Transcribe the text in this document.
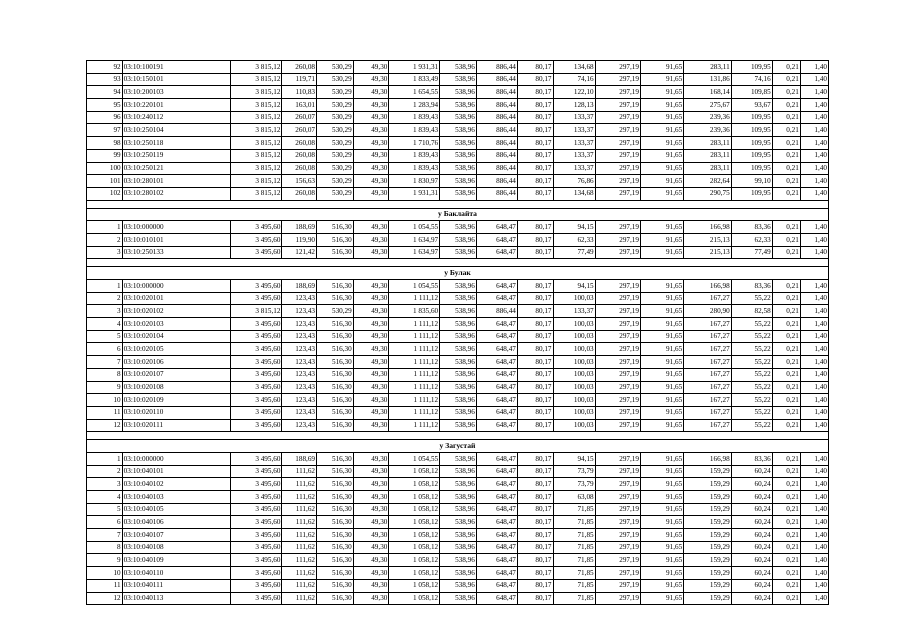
92	03:10:100191	3 815,12	260,08	530,29	49,30	1 931,31	538,96	886,44	80,17	134,68	297,19	91,65	283,11	109,95	0,21	1,40
93	03:10:150101	3 815,12	119,71	530,29	49,30	1 833,49	538,96	886,44	80,17	74,16	297,19	91,65	131,86	74,16	0,21	1,40
94	03:10:200103	3 815,12	110,83	530,29	49,30	1 654,55	538,96	886,44	80,17	122,10	297,19	91,65	168,14	109,85	0,21	1,40
95	03:10:220101	3 815,12	163,01	530,29	49,30	1 283,94	538,96	886,44	80,17	128,13	297,19	91,65	275,67	93,67	0,21	1,40
96	03:10:240112	3 815,12	260,07	530,29	49,30	1 839,43	538,96	886,44	80,17	133,37	297,19	91,65	239,36	109,95	0,21	1,40
97	03:10:250104	3 815,12	260,07	530,29	49,30	1 839,43	538,96	886,44	80,17	133,37	297,19	91,65	239,36	109,95	0,21	1,40
98	03:10:250118	3 815,12	260,08	530,29	49,30	1 710,76	538,96	886,44	80,17	133,37	297,19	91,65	283,11	109,95	0,21	1,40
99	03:10:250119	3 815,12	260,08	530,29	49,30	1 839,43	538,96	886,44	80,17	133,37	297,19	91,65	283,11	109,95	0,21	1,40
100	03:10:250121	3 815,12	260,08	530,29	49,30	1 839,43	538,96	886,44	80,17	133,37	297,19	91,65	283,11	109,95	0,21	1,40
101	03:10:280101	3 815,12	156,63	530,29	49,30	1 830,97	538,96	886,44	80,17	76,86	297,19	91,65	282,64	99,10	0,21	1,40
102	03:10:280102	3 815,12	260,08	530,29	49,30	1 931,31	538,96	886,44	80,17	134,68	297,19	91,65	290,75	109,95	0,21	1,40

у Баклайта																
1	03:10:000000	3 495,60	188,69	516,30	49,30	1 054,55	538,96	648,47	80,17	94,15	297,19	91,65	166,98	83,36	0,21	1,40
2	03:10:010101	3 495,60	119,90	516,30	49,30	1 634,97	538,96	648,47	80,17	62,33	297,19	91,65	215,13	62,33	0,21	1,40
3	03:10:250133	3 495,60	121,42	516,30	49,30	1 634,97	538,96	648,47	80,17	77,49	297,19	91,65	215,13	77,49	0,21	1,40

у Булак																
1	03:10:000000	3 495,60	188,69	516,30	49,30	1 054,55	538,96	648,47	80,17	94,15	297,19	91,65	166,98	83,36	0,21	1,40
2	03:10:020101	3 495,60	123,43	516,30	49,30	1 111,12	538,96	648,47	80,17	100,03	297,19	91,65	167,27	55,22	0,21	1,40
3	03:10:020102	3 815,12	123,43	530,29	49,30	1 835,60	538,96	886,44	80,17	133,37	297,19	91,65	280,90	82,58	0,21	1,40
4	03:10:020103	3 495,60	123,43	516,30	49,30	1 111,12	538,96	648,47	80,17	100,03	297,19	91,65	167,27	55,22	0,21	1,40
5	03:10:020104	3 495,60	123,43	516,30	49,30	1 111,12	538,96	648,47	80,17	100,03	297,19	91,65	167,27	55,22	0,21	1,40
6	03:10:020105	3 495,60	123,43	516,30	49,30	1 111,12	538,96	648,47	80,17	100,03	297,19	91,65	167,27	55,22	0,21	1,40
7	03:10:020106	3 495,60	123,43	516,30	49,30	1 111,12	538,96	648,47	80,17	100,03	297,19	91,65	167,27	55,22	0,21	1,40
8	03:10:020107	3 495,60	123,43	516,30	49,30	1 111,12	538,96	648,47	80,17	100,03	297,19	91,65	167,27	55,22	0,21	1,40
9	03:10:020108	3 495,60	123,43	516,30	49,30	1 111,12	538,96	648,47	80,17	100,03	297,19	91,65	167,27	55,22	0,21	1,40
10	03:10:020109	3 495,60	123,43	516,30	49,30	1 111,12	538,96	648,47	80,17	100,03	297,19	91,65	167,27	55,22	0,21	1,40
11	03:10:020110	3 495,60	123,43	516,30	49,30	1 111,12	538,96	648,47	80,17	100,03	297,19	91,65	167,27	55,22	0,21	1,40
12	03:10:020111	3 495,60	123,43	516,30	49,30	1 111,12	538,96	648,47	80,17	100,03	297,19	91,65	167,27	55,22	0,21	1,40

у Загустай																
1	03:10:000000	3 495,60	188,69	516,30	49,30	1 054,55	538,96	648,47	80,17	94,15	297,19	91,65	166,98	83,36	0,21	1,40
2	03:10:040101	3 495,60	111,62	516,30	49,30	1 058,12	538,96	648,47	80,17	73,79	297,19	91,65	159,29	60,24	0,21	1,40
3	03:10:040102	3 495,60	111,62	516,30	49,30	1 058,12	538,96	648,47	80,17	73,79	297,19	91,65	159,29	60,24	0,21	1,40
4	03:10:040103	3 495,60	111,62	516,30	49,30	1 058,12	538,96	648,47	80,17	63,08	297,19	91,65	159,29	60,24	0,21	1,40
5	03:10:040105	3 495,60	111,62	516,30	49,30	1 058,12	538,96	648,47	80,17	71,85	297,19	91,65	159,29	60,24	0,21	1,40
6	03:10:040106	3 495,60	111,62	516,30	49,30	1 058,12	538,96	648,47	80,17	71,85	297,19	91,65	159,29	60,24	0,21	1,40
7	03:10:040107	3 495,60	111,62	516,30	49,30	1 058,12	538,96	648,47	80,17	71,85	297,19	91,65	159,29	60,24	0,21	1,40
8	03:10:040108	3 495,60	111,62	516,30	49,30	1 058,12	538,96	648,47	80,17	71,85	297,19	91,65	159,29	60,24	0,21	1,40
9	03:10:040109	3 495,60	111,62	516,30	49,30	1 058,12	538,96	648,47	80,17	71,85	297,19	91,65	159,29	60,24	0,21	1,40
10	03:10:040110	3 495,60	111,62	516,30	49,30	1 058,12	538,96	648,47	80,17	71,85	297,19	91,65	159,29	60,24	0,21	1,40
11	03:10:040111	3 495,60	111,62	516,30	49,30	1 058,12	538,96	648,47	80,17	71,85	297,19	91,65	159,29	60,24	0,21	1,40
12	03:10:040113	3 495,60	111,62	516,30	49,30	1 058,12	538,96	648,47	80,17	71,85	297,19	91,65	159,29	60,24	0,21	1,40
